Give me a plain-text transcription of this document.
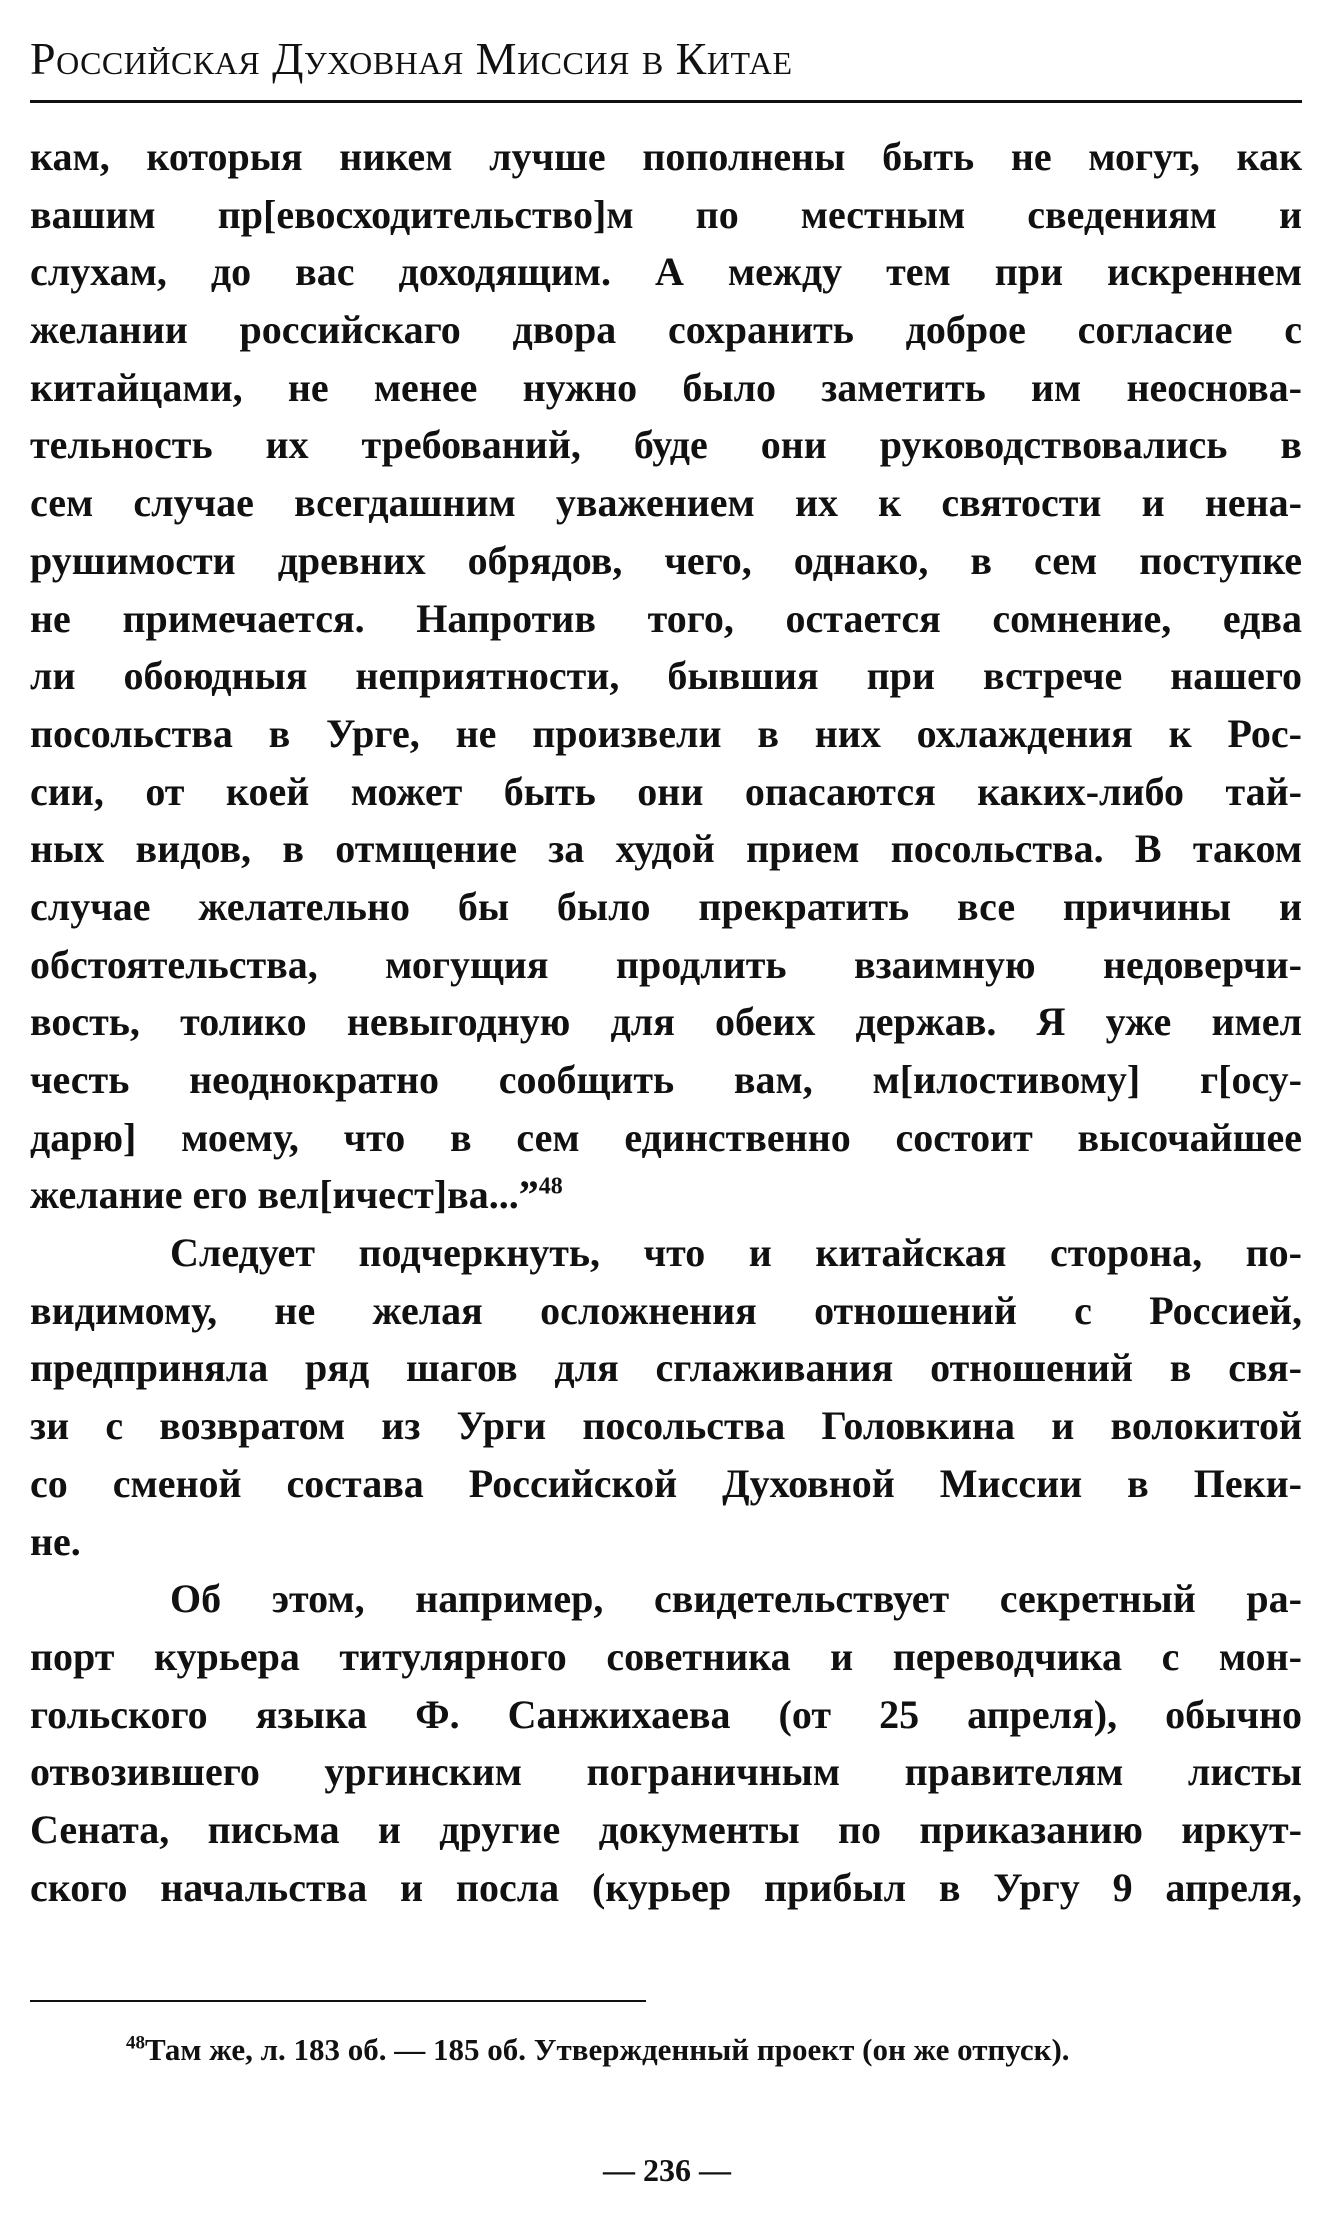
Российская Духовная Миссия в Китае
кам, которыя никем лучше пополнены быть не могут, как
вашим пр[евосходительство]м по местным сведениям и
слухам, до вас доходящим. А между тем при искреннем
желании российскаго двора сохранить доброе согласие с
китайцами, не менее нужно было заметить им неоснова-
тельность их требований, буде они руководствовались в
сем случае всегдашним уважением их к святости и нена-
рушимости древних обрядов, чего, однако, в сем поступке
не примечается. Напротив того, остается сомнение, едва
ли обоюдныя неприятности, бывшия при встрече нашего
посольства в Урге, не произвели в них охлаждения к Рос-
сии, от коей может быть они опасаются каких-либо тай-
ных видов, в отмщение за худой прием посольства. В таком
случае желательно бы было прекратить все причины и
обстоятельства, могущия продлить взаимную недоверчи-
вость, толико невыгодную для обеих держав. Я уже имел
честь неоднократно сообщить вам, м[илостивому] г[осу-
дарю] моему, что в сем единственно состоит высочайшее
желание его вел[ичест]ва...”$^{48}$
Следует подчеркнуть, что и китайская сторона, по-
видимому, не желая осложнения отношений с Россией,
предприняла ряд шагов для сглаживания отношений в свя-
зи с возвратом из Урги посольства Головкина и волокитой
со сменой состава Российской Духовной Миссии в Пеки-
не.
Об этом, например, свидетельствует секретный ра-
порт курьера титулярного советника и переводчика с мон-
гольского языка Ф. Санжихаева (от 25 апреля), обычно
отвозившего ургинским пограничным правителям листы
Сената, письма и другие документы по приказанию иркут-
ского начальства и посла (курьер прибыл в Ургу 9 апреля,
$^{48}$Там же, л. 183 об. — 185 об. Утвержденный проект (он же отпуск).
— 236 —
